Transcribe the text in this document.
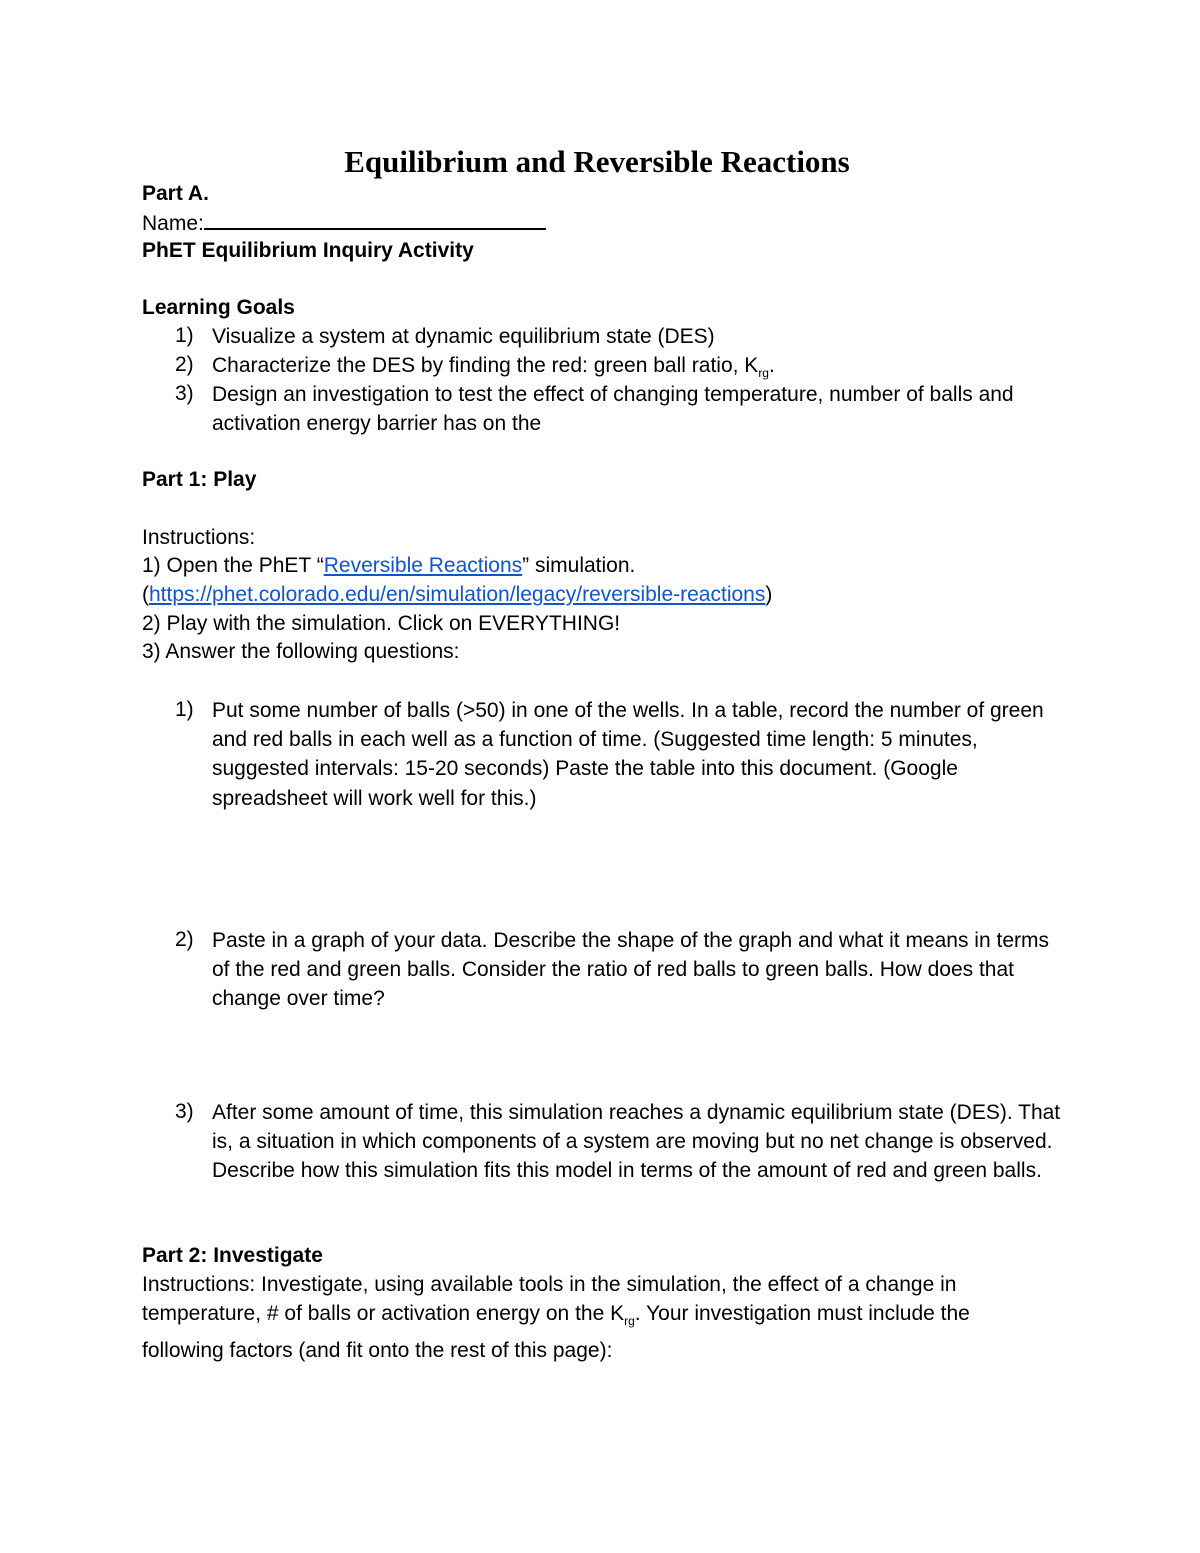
Equilibrium and Reversible Reactions
Part A.
Name:
PhET Equilibrium Inquiry Activity
Learning Goals
1) Visualize a system at dynamic equilibrium state (DES)
2) Characterize the DES by finding the red: green ball ratio, $K_{rg}$.
3) Design an investigation to test the effect of changing temperature, number of balls and activation energy barrier has on the
Part 1: Play
Instructions:
1) Open the PhET “Reversible Reactions” simulation.
(https://phet.colorado.edu/en/simulation/legacy/reversible-reactions)
2) Play with the simulation. Click on EVERYTHING!
3) Answer the following questions:
1) Put some number of balls (>50) in one of the wells. In a table, record the number of green and red balls in each well as a function of time. (Suggested time length: 5 minutes, suggested intervals: 15-20 seconds) Paste the table into this document. (Google spreadsheet will work well for this.)
2) Paste in a graph of your data. Describe the shape of the graph and what it means in terms of the red and green balls. Consider the ratio of red balls to green balls. How does that change over time?
3) After some amount of time, this simulation reaches a dynamic equilibrium state (DES). That is, a situation in which components of a system are moving but no net change is observed. Describe how this simulation fits this model in terms of the amount of red and green balls.
Part 2: Investigate
Instructions: Investigate, using available tools in the simulation, the effect of a change in temperature, # of balls or activation energy on the $K_{rg}$. Your investigation must include the following factors (and fit onto the rest of this page):
